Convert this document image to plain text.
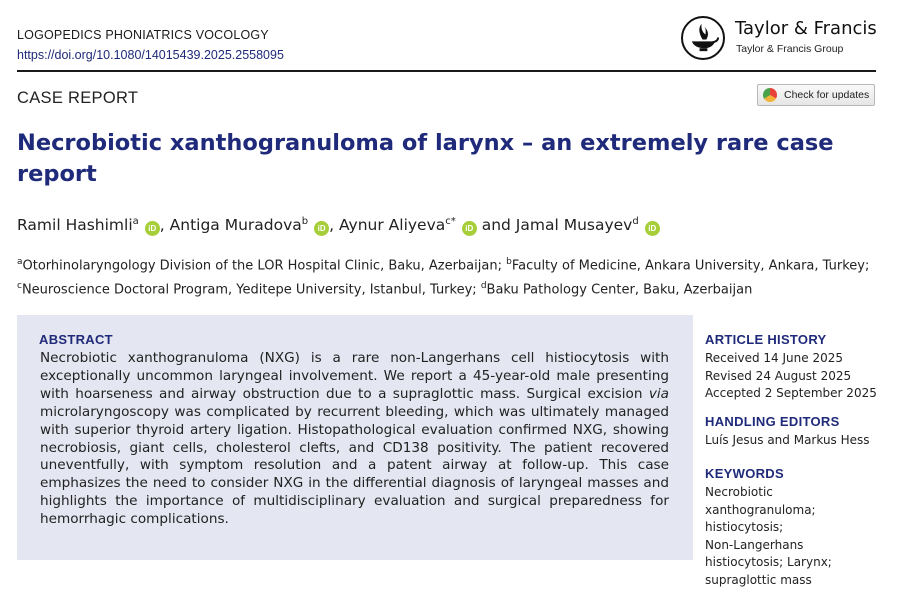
LOGOPEDICS PHONIATRICS VOCOLOGY
https://doi.org/10.1080/14015439.2025.2558095
Taylor & Francis
Taylor & Francis Group
CASE REPORT	Check for updates
Necrobiotic xanthogranuloma of larynx – an extremely rare case report
Ramil Hashimli$^a$iD , Antiga Muradova$^b$iD , Aynur Aliyeva$^{c*}$iD and Jamal Musayev$^d$iD
$^a$Otorhinolaryngology Division of the LOR Hospital Clinic, Baku, Azerbaijan; $^b$Faculty of Medicine, Ankara University, Ankara, Turkey; $^c$Neuroscience Doctoral Program, Yeditepe University, Istanbul, Turkey; $^d$Baku Pathology Center, Baku, Azerbaijan
ABSTRACT

Necrobiotic xanthogranuloma (NXG) is a rare non-Langerhans cell histiocytosis with exceptionally uncommon laryngeal involvement. We report a 45-year-old male presenting with hoarseness and airway obstruction due to a supraglottic mass. Surgical excision via microlaryngoscopy was complicated by recurrent bleeding, which was ultimately managed with superior thyroid artery ligation. Histopathological evaluation confirmed NXG, showing necrobiosis, giant cells, cholesterol clefts, and CD138 positivity. The patient recovered uneventfully, with symptom resolution and a patent airway at follow-up. This case emphasizes the need to consider NXG in the differential diagnosis of laryngeal masses and highlights the importance of multidisciplinary evaluation and surgical preparedness for hemorrhagic complications.

ARTICLE HISTORY
Received 14 June 2025
Revised 24 August 2025
Accepted 2 September 2025
HANDLING EDITORS
Luís Jesus and Markus Hess
KEYWORDS
Necrobiotic
xanthogranuloma;
histiocytosis;
Non-Langerhans
histiocytosis; Larynx;
supraglottic mass
